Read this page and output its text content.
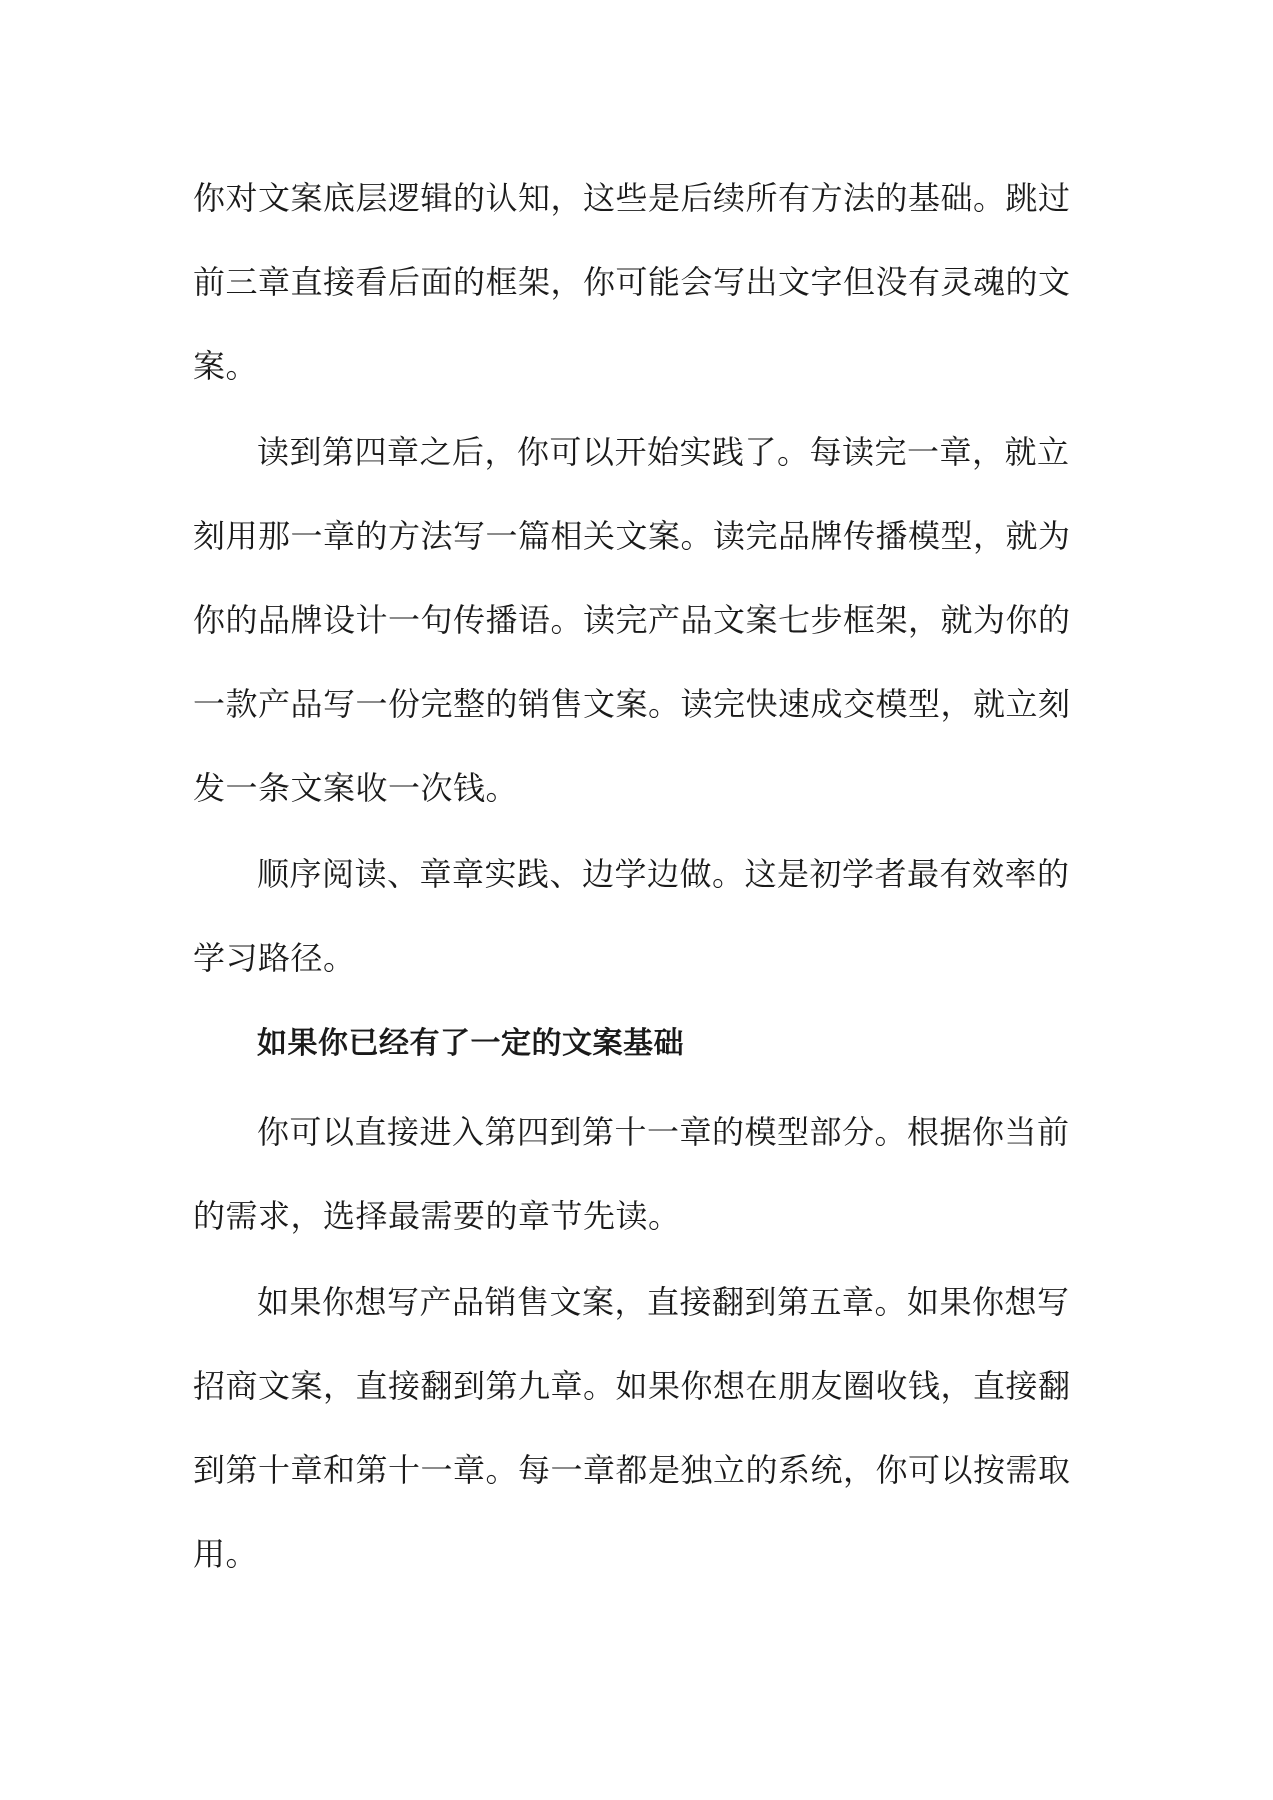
你对文案底层逻辑的认知，这些是后续所有方法的基础。跳过
前三章直接看后面的框架，你可能会写出文字但没有灵魂的文
案。
读到第四章之后，你可以开始实践了。每读完一章，就立
刻用那一章的方法写一篇相关文案。读完品牌传播模型，就为
你的品牌设计一句传播语。读完产品文案七步框架，就为你的
一款产品写一份完整的销售文案。读完快速成交模型，就立刻
发一条文案收一次钱。
顺序阅读、章章实践、边学边做。这是初学者最有效率的
学习路径。
如果你已经有了一定的文案基础
你可以直接进入第四到第十一章的模型部分。根据你当前
的需求，选择最需要的章节先读。
如果你想写产品销售文案，直接翻到第五章。如果你想写
招商文案，直接翻到第九章。如果你想在朋友圈收钱，直接翻
到第十章和第十一章。每一章都是独立的系统，你可以按需取
用。
